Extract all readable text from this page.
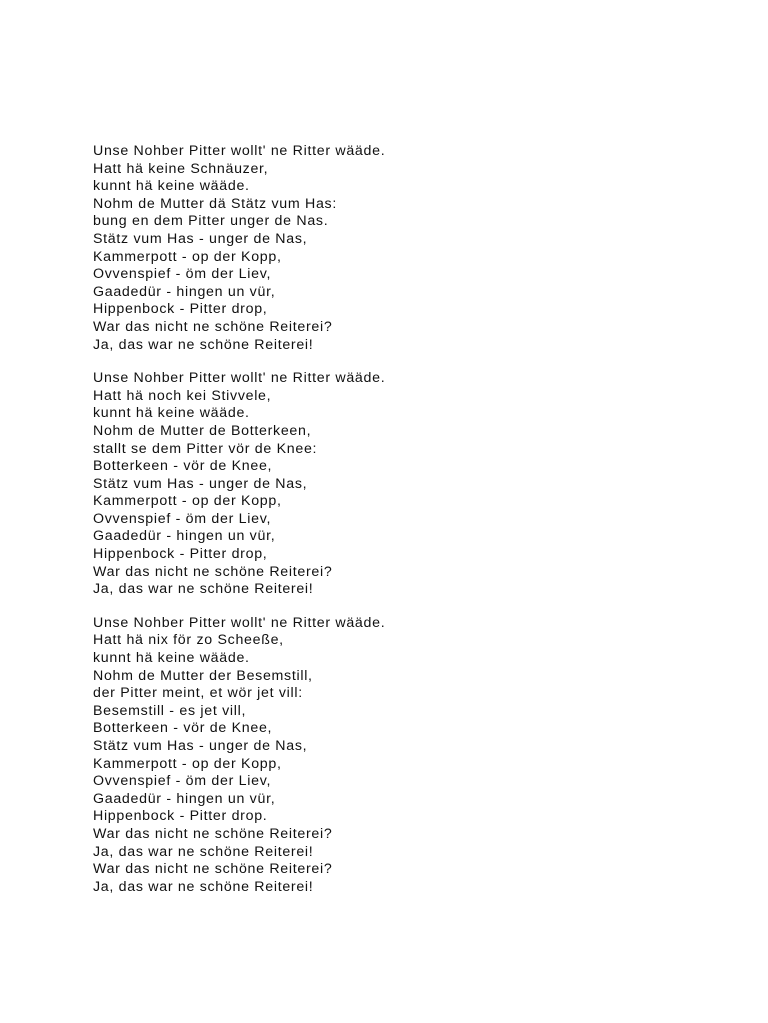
Unse Nohber Pitter wollt' ne Ritter wääde.
Hatt hä keine Schnäuzer,
kunnt hä keine wääde.
Nohm de Mutter dä Stätz vum Has:
bung en dem Pitter unger de Nas.
Stätz vum Has - unger de Nas,
Kammerpott - op der Kopp,
Ovvenspief - öm der Liev,
Gaadedür - hingen un vür,
Hippenbock - Pitter drop,
War das nicht ne schöne Reiterei?
Ja, das war ne schöne Reiterei!
Unse Nohber Pitter wollt' ne Ritter wääde.
Hatt hä noch kei Stivvele,
kunnt hä keine wääde.
Nohm de Mutter de Botterkeen,
stallt se dem Pitter vör de Knee:
Botterkeen - vör de Knee,
Stätz vum Has - unger de Nas,
Kammerpott - op der Kopp,
Ovvenspief - öm der Liev,
Gaadedür - hingen un vür,
Hippenbock - Pitter drop,
War das nicht ne schöne Reiterei?
Ja, das war ne schöne Reiterei!
Unse Nohber Pitter wollt' ne Ritter wääde.
Hatt hä nix för zo Scheeße,
kunnt hä keine wääde.
Nohm de Mutter der Besemstill,
der Pitter meint, et wör jet vill:
Besemstill - es jet vill,
Botterkeen - vör de Knee,
Stätz vum Has - unger de Nas,
Kammerpott - op der Kopp,
Ovvenspief - öm der Liev,
Gaadedür - hingen un vür,
Hippenbock - Pitter drop.
War das nicht ne schöne Reiterei?
Ja, das war ne schöne Reiterei!
War das nicht ne schöne Reiterei?
Ja, das war ne schöne Reiterei!
